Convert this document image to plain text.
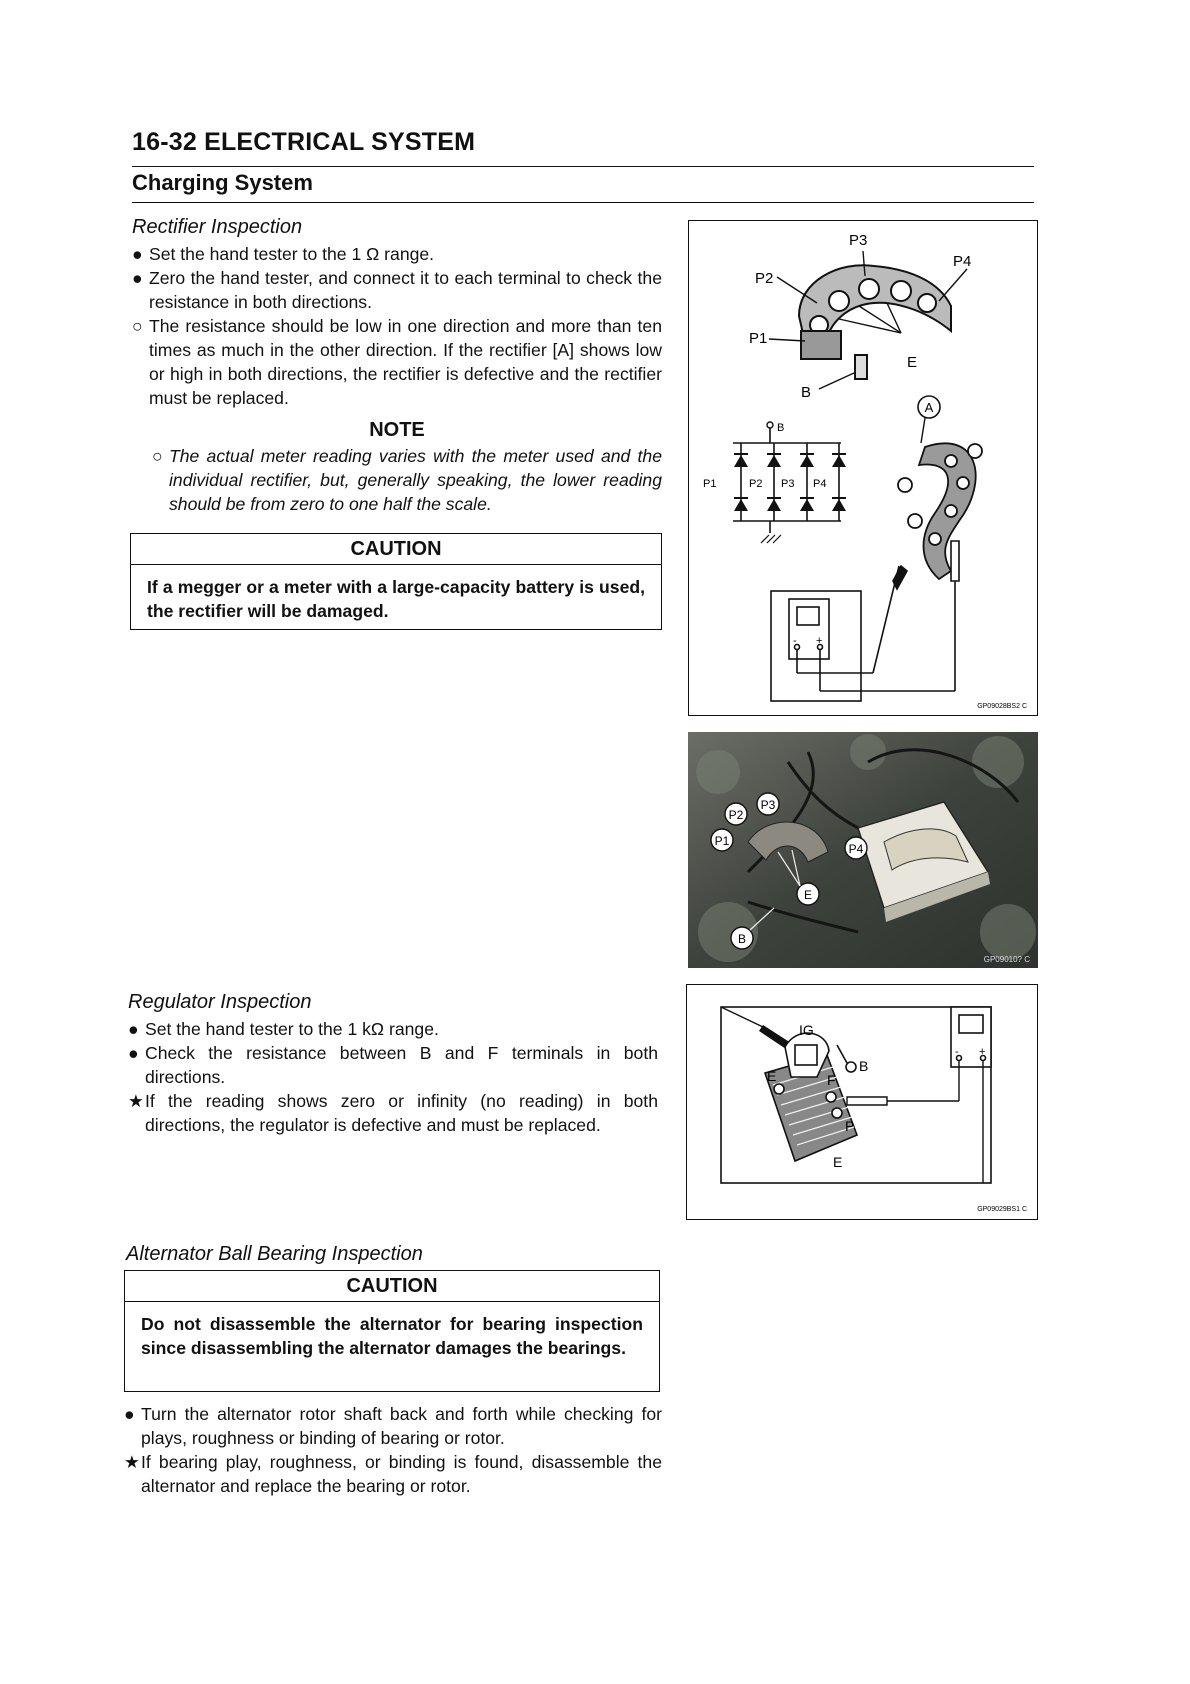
16-32 ELECTRICAL SYSTEM
Charging System
Rectifier Inspection
● Set the hand tester to the 1 Ω range.
● Zero the hand tester, and connect it to each terminal to check the resistance in both directions.
○ The resistance should be low in one direction and more than ten times as much in the other direction. If the rectifier [A] shows low or high in both directions, the rectifier is defective and the rectifier must be replaced.
NOTE
○ The actual meter reading varies with the meter used and the individual rectifier, but, generally speaking, the lower reading should be from zero to one half the scale.
CAUTION
If a megger or a meter with a large-capacity battery is used, the rectifier will be damaged.
P3
P4
P2
P1
E
B
A
B
P1	P2 P3 P4
- +
GP09028BS2 C
P1
P2
P3
P4
E
B
GP09010? C
Regulator Inspection
● Set the hand tester to the 1 kΩ range.
● Check the resistance between B and F terminals in both directions.
★ If the reading shows zero or infinity (no reading) in both directions, the regulator is defective and must be replaced.
- +
IG
B
E	F
P
E
GP09029BS1 C
Alternator Ball Bearing Inspection
CAUTION
Do not disassemble the alternator for bearing inspection since disassembling the alternator damages the bearings.
● Turn the alternator rotor shaft back and forth while checking for plays, roughness or binding of bearing or rotor.
★ If bearing play, roughness, or binding is found, disassemble the alternator and replace the bearing or rotor.
